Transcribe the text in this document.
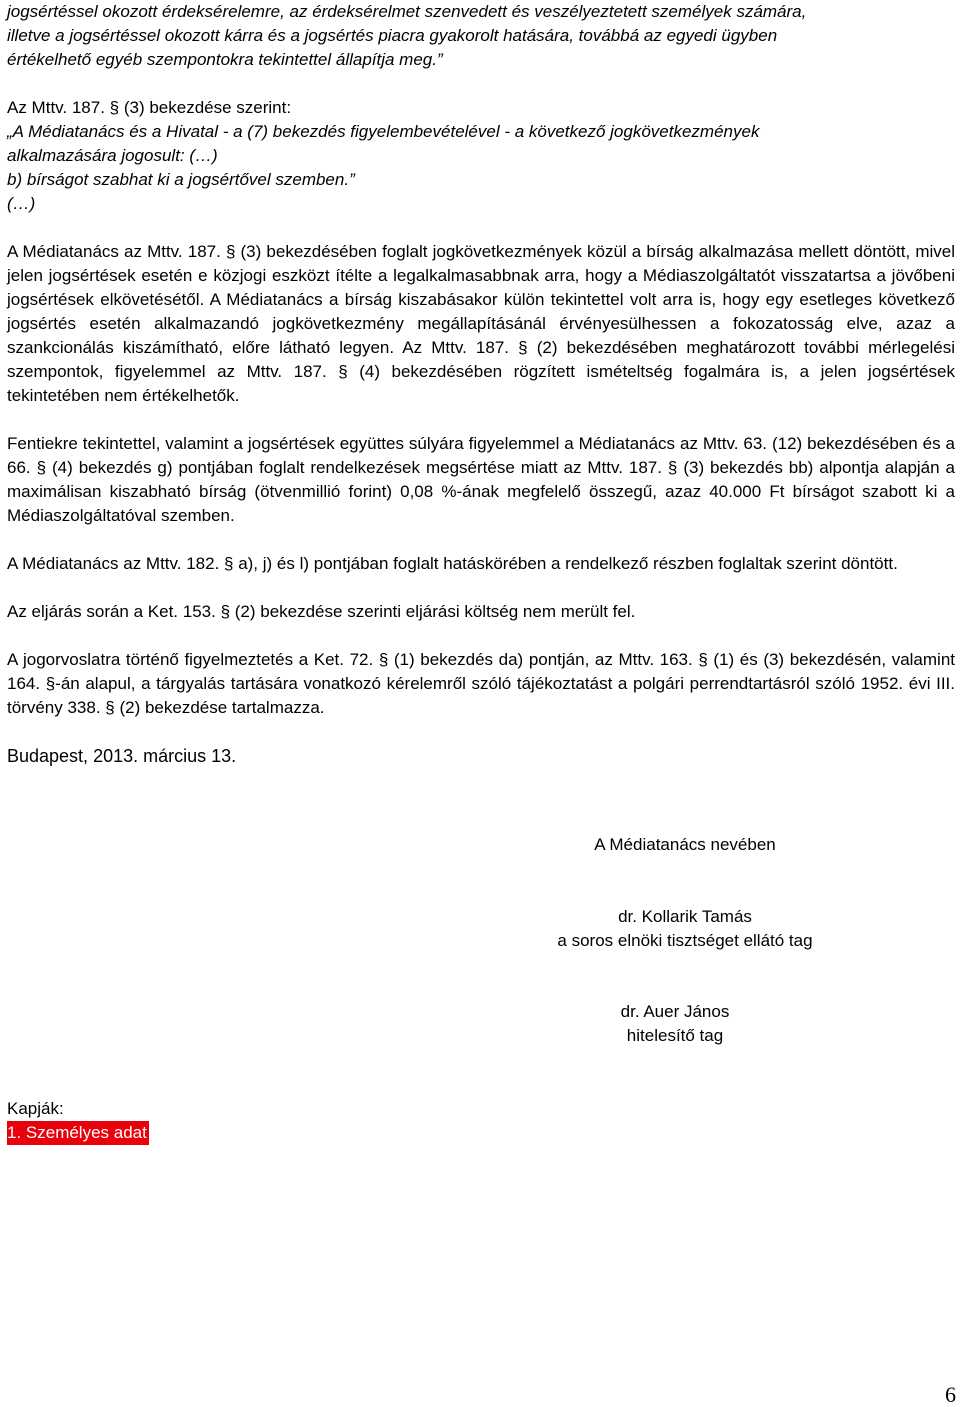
jogsértéssel okozott érdeksérelemre, az érdeksérelmet szenvedett és veszélyeztetett személyek számára,

illetve a jogsértéssel okozott kárra és a jogsértés piacra gyakorolt hatására, továbbá az egyedi ügyben

értékelhető egyéb szempontokra tekintettel állapítja meg.”

Az Mttv. 187. § (3) bekezdése szerint:

„A Médiatanács és a Hivatal - a (7) bekezdés figyelembevételével - a következő jogkövetkezmények

alkalmazására jogosult: (…)

b) bírságot szabhat ki a jogsértővel szemben.”

(…)

A Médiatanács az Mttv. 187. § (3) bekezdésében foglalt jogkövetkezmények közül a bírság alkalmazása mellett döntött, mivel jelen jogsértések esetén e közjogi eszközt ítélte a legalkalmasabbnak arra, hogy a Médiaszolgáltatót visszatartsa a jövőbeni jogsértések elkövetésétől. A Médiatanács a bírság kiszabásakor külön tekintettel volt arra is, hogy egy esetleges következő jogsértés esetén alkalmazandó jogkövetkezmény megállapításánál érvényesülhessen a fokozatosság elve, azaz a szankcionálás kiszámítható, előre látható legyen. Az Mttv. 187. § (2) bekezdésében meghatározott további mérlegelési szempontok, figyelemmel az Mttv. 187. § (4) bekezdésében rögzített ismételtség fogalmára is, a jelen jogsértések tekintetében nem értékelhetők.

Fentiekre tekintettel, valamint a jogsértések együttes súlyára figyelemmel a Médiatanács az Mttv. 63. (12) bekezdésében és a 66. § (4) bekezdés g) pontjában foglalt rendelkezések megsértése miatt az Mttv. 187. § (3) bekezdés bb) alpontja alapján a maximálisan kiszabható bírság (ötvenmillió forint) 0,08 %-ának megfelelő összegű, azaz 40.000 Ft bírságot szabott ki a Médiaszolgáltatóval szemben.

A Médiatanács az Mttv. 182. § a), j) és l) pontjában foglalt hatáskörében a rendelkező részben foglaltak szerint döntött.

Az eljárás során a Ket. 153. § (2) bekezdése szerinti eljárási költség nem merült fel.

A jogorvoslatra történő figyelmeztetés a Ket. 72. § (1) bekezdés da) pontján, az Mttv. 163. § (1) és (3) bekezdésén, valamint 164. §-án alapul, a tárgyalás tartására vonatkozó kérelemről szóló tájékoztatást a polgári perrendtartásról szóló 1952. évi III. törvény 338. § (2) bekezdése tartalmazza.

Budapest, 2013. március 13.

A Médiatanács nevében

dr. Kollarik Tamás

a soros elnöki tisztséget ellátó tag

dr. Auer János

hitelesítő tag

Kapják:

1. Személyes adat

6
